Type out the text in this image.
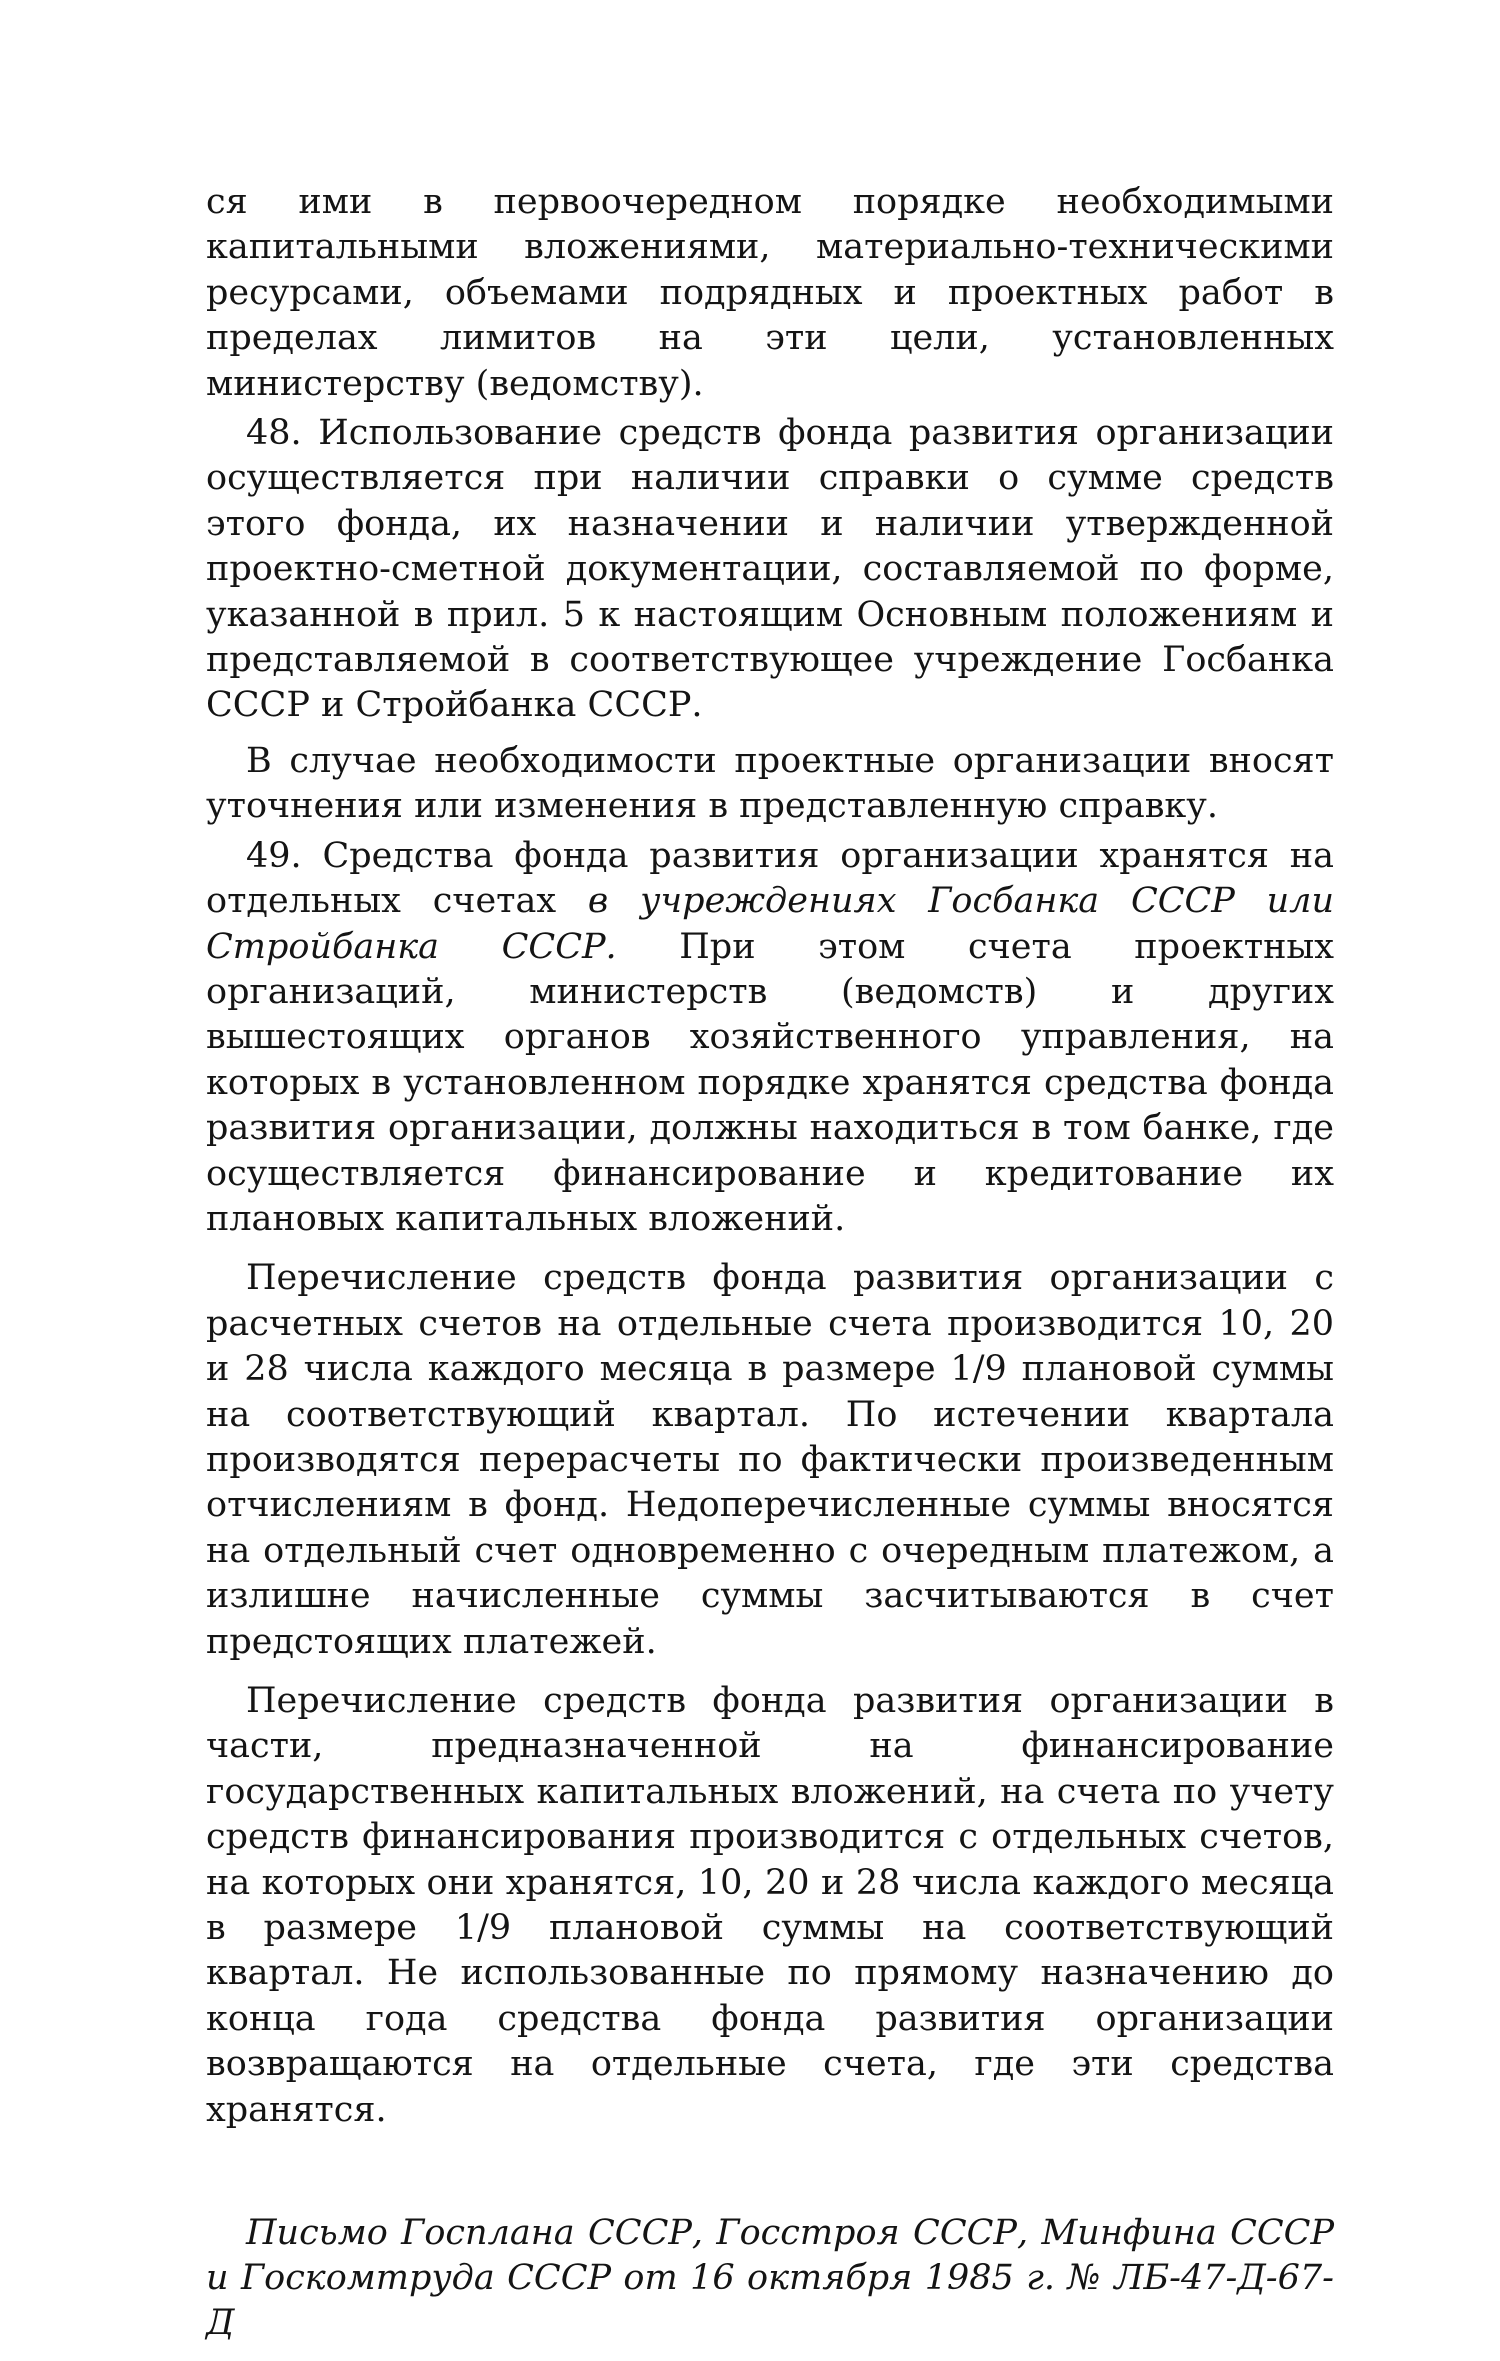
ся ими в первоочередном порядке необходимыми капитальными вложениями, материально-техническими ресурсами, объемами подрядных и проектных работ в пределах лимитов на эти цели, установленных министерству (ведомству).

48. Использование средств фонда развития организации осуществляется при наличии справки о сумме средств этого фонда, их назначении и наличии утвержденной проектно-сметной документации, составляемой по форме, указанной в прил. 5 к настоящим Основным положениям и представляемой в соответствующее учреждение Госбанка СССР и Стройбанка СССР.

В случае необходимости проектные организации вносят уточнения или изменения в представленную справку.

49. Средства фонда развития организации хранятся на отдельных счетах в учреждениях Госбанка СССР или Стройбанка СССР. При этом счета проектных организаций, министерств (ведомств) и других вышестоящих органов хозяйственного управления, на которых в установленном порядке хранятся средства фонда развития организации, должны находиться в том банке, где осуществляется финансирование и кредитование их плановых капитальных вложений.

Перечисление средств фонда развития организации с расчетных счетов на отдельные счета производится 10, 20 и 28 числа каждого месяца в размере 1/9 плановой суммы на соответствующий квартал. По истечении квартала производятся перерасчеты по фактически произведенным отчислениям в фонд. Недоперечисленные суммы вносятся на отдельный счет одновременно с очередным платежом, а излишне начисленные суммы засчитываются в счет предстоящих платежей.

Перечисление средств фонда развития организации в части, предназначенной на финансирование государственных капитальных вложений, на счета по учету средств финансирования производится с отдельных счетов, на которых они хранятся, 10, 20 и 28 числа каждого месяца в размере 1/9 плановой суммы на соответствующий квартал. Не использованные по прямому назначению до конца года средства фонда развития организации возвращаются на отдельные счета, где эти средства хранятся.

Письмо Госплана СССР, Госстроя СССР, Минфина СССР и Госкомтруда СССР от 16 октября 1985 г. № ЛБ-47-Д-67-Д
